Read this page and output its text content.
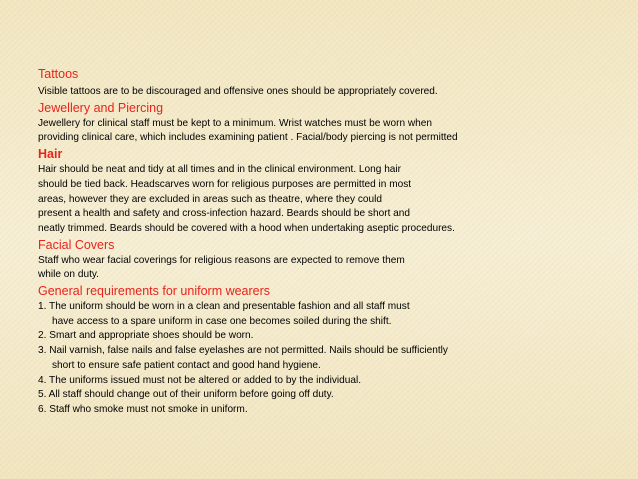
Tattoos
Visible tattoos are to be discouraged and offensive ones should be appropriately covered.
Jewellery and Piercing
Jewellery for clinical staff must be kept to a minimum. Wrist watches must be worn when
providing clinical care, which includes examining patient . Facial/body piercing is not permitted
Hair
Hair should be neat and tidy at all times and in the clinical environment. Long hair
should be tied back. Headscarves worn for religious purposes are permitted in most
areas, however they are excluded in areas such as theatre, where they could
present a health and safety and cross-infection hazard. Beards should be short and
neatly trimmed. Beards should be covered with a hood when undertaking aseptic procedures.
Facial Covers
Staff who wear facial coverings for religious reasons are expected to remove them
while on duty.
General requirements for uniform wearers
1. The uniform should be worn in a clean and presentable fashion and all staff must
have access to a spare uniform in case one becomes soiled during the shift.
2. Smart and appropriate shoes should be worn.
3. Nail varnish, false nails and false eyelashes are not permitted. Nails should be sufficiently
short to ensure safe patient contact and good hand hygiene.
4. The uniforms issued must not be altered or added to by the individual.
5. All staff should change out of their uniform before going off duty.
6. Staff who smoke must not smoke in uniform.
